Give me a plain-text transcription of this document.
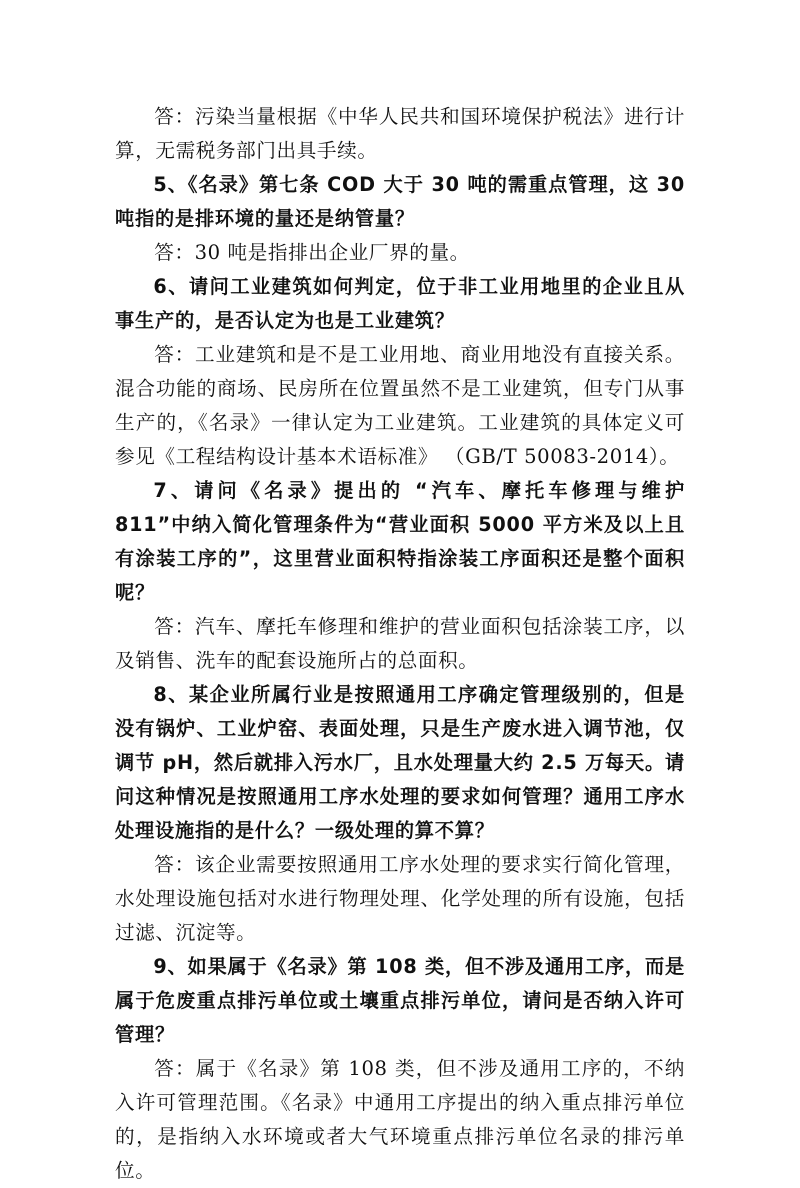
答：污染当量根据《中华人民共和国环境保护税法》进行计算，无需税务部门出具手续。

5、《名录》第七条 COD 大于 30 吨的需重点管理，这 30 吨指的是排环境的量还是纳管量？

答：30 吨是指排出企业厂界的量。

6、请问工业建筑如何判定，位于非工业用地里的企业且从事生产的，是否认定为也是工业建筑？

答：工业建筑和是不是工业用地、商业用地没有直接关系。混合功能的商场、民房所在位置虽然不是工业建筑，但专门从事生产的，《名录》一律认定为工业建筑。工业建筑的具体定义可参见《工程结构设计基本术语标准》 （GB/T 50083-2014）。

7、请问《名录》提出的 “汽车、摩托车修理与维护 811”中纳入简化管理条件为“营业面积 5000 平方米及以上且有涂装工序的”，这里营业面积特指涂装工序面积还是整个面积呢？

答：汽车、摩托车修理和维护的营业面积包括涂装工序，以及销售、洗车的配套设施所占的总面积。

8、某企业所属行业是按照通用工序确定管理级别的，但是没有锅炉、工业炉窑、表面处理，只是生产废水进入调节池，仅调节 pH，然后就排入污水厂，且水处理量大约 2.5 万每天。请问这种情况是按照通用工序水处理的要求如何管理？通用工序水处理设施指的是什么？一级处理的算不算？

答：该企业需要按照通用工序水处理的要求实行简化管理，水处理设施包括对水进行物理处理、化学处理的所有设施，包括过滤、沉淀等。

9、如果属于《名录》第 108 类，但不涉及通用工序，而是属于危废重点排污单位或土壤重点排污单位，请问是否纳入许可管理？

答：属于《名录》第 108 类，但不涉及通用工序的，不纳入许可管理范围。《名录》中通用工序提出的纳入重点排污单位的，是指纳入水环境或者大气环境重点排污单位名录的排污单位。
